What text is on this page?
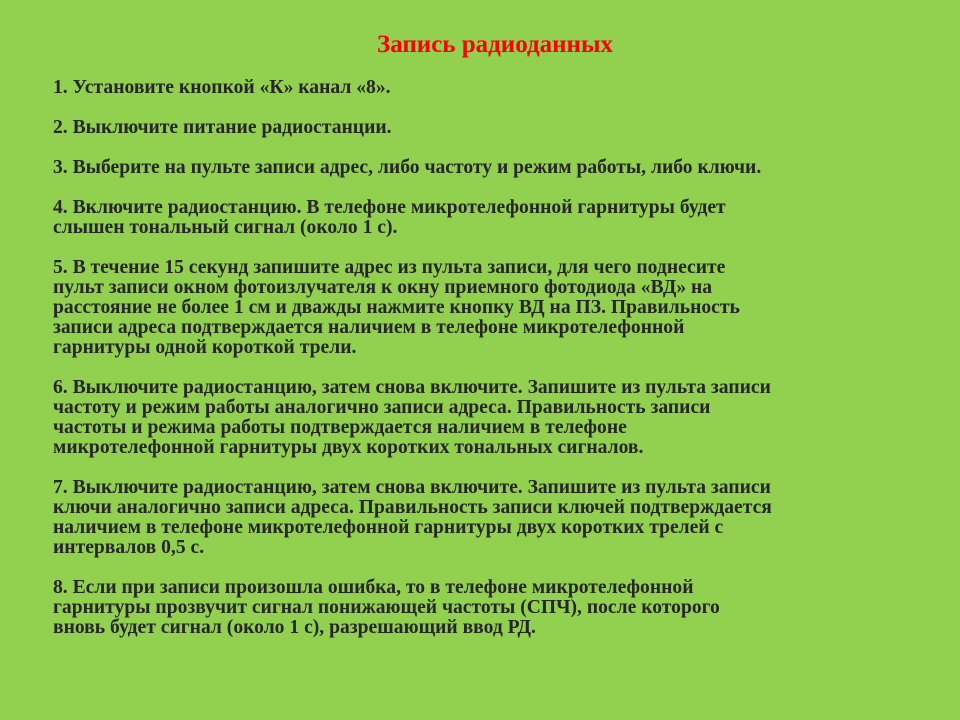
Запись радиоданных
1. Установите кнопкой «К» канал «8».
2. Выключите питание радиостанции.
3. Выберите на пульте записи адрес, либо частоту и режим работы, либо ключи.
4. Включите радиостанцию. В телефоне микротелефонной гарнитуры будет
слышен тональный сигнал (около 1 с).
5. В течение 15 секунд запишите адрес из пульта записи, для чего поднесите
пульт записи окном фотоизлучателя к окну приемного фотодиода «ВД» на
расстояние не более 1 см и дважды нажмите кнопку ВД на ПЗ. Правильность
записи адреса подтверждается наличием в телефоне микротелефонной
гарнитуры одной короткой трели.
6. Выключите радиостанцию, затем снова включите. Запишите из пульта записи
частоту и режим работы аналогично записи адреса. Правильность записи
частоты и режима работы подтверждается наличием в телефоне
микротелефонной гарнитуры двух коротких тональных сигналов.
7. Выключите радиостанцию, затем снова включите. Запишите из пульта записи
ключи аналогично записи адреса. Правильность записи ключей подтверждается
наличием в телефоне микротелефонной гарнитуры двух коротких трелей с
интервалов 0,5 с.
8. Если при записи произошла ошибка, то в телефоне микротелефонной
гарнитуры прозвучит сигнал понижающей частоты (СПЧ), после которого
вновь будет сигнал (около 1 с), разрешающий ввод РД.
